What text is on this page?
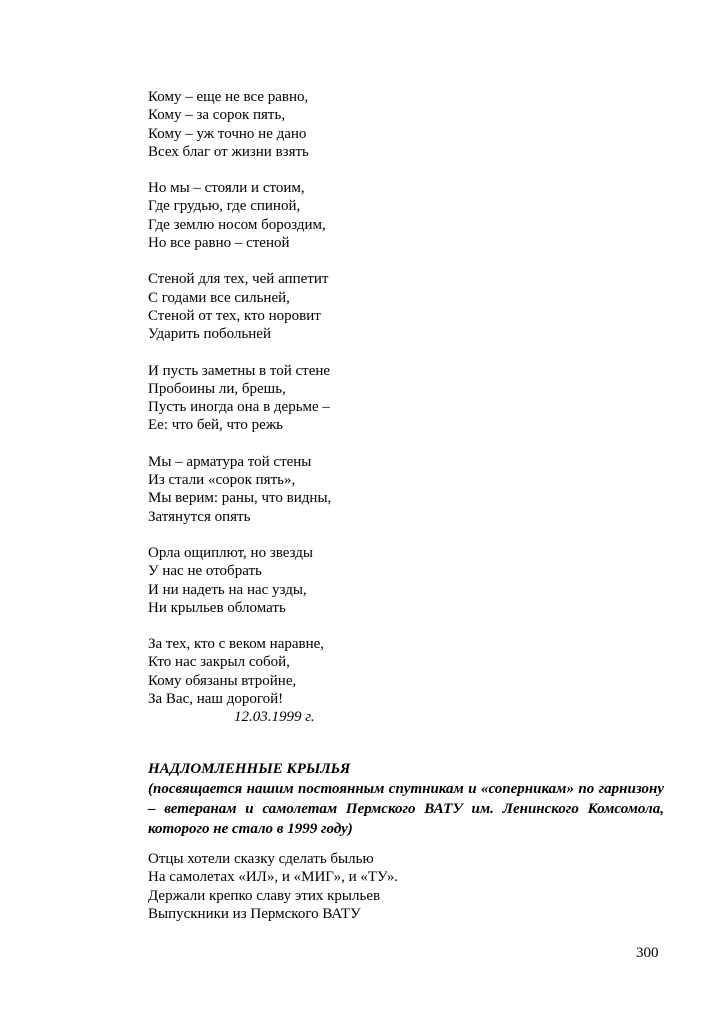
Кому – еще не все равно,
Кому – за сорок пять,
Кому – уж точно не дано
Всех благ от жизни взять
Но мы – стояли и стоим,
Где грудью, где спиной,
Где землю носом бороздим,
Но все равно – стеной
Стеной для тех, чей аппетит
С годами все сильней,
Стеной от тех, кто норовит
Ударить побольней
И пусть заметны в той стене
Пробоины ли, брешь,
Пусть иногда она в дерьме –
Ее: что бей, что режь
Мы – арматура той стены
Из стали «сорок пять»,
Мы верим: раны, что видны,
Затянутся опять
Орла ощиплют, но звезды
У нас не отобрать
И ни надеть на нас узды,
Ни крыльев обломать
За тех, кто с веком наравне,
Кто нас закрыл собой,
Кому обязаны втройне,
За Вас, наш дорогой!
12.03.1999 г.
НАДЛОМЛЕННЫЕ КРЫЛЬЯ
(посвящается нашим постоянным спутникам и «соперникам» по гарнизону – ветеранам и самолетам Пермского ВАТУ им. Ленинского Комсомола, которого не стало в 1999 году)
Отцы хотели сказку сделать былью
На самолетах «ИЛ», и «МИГ», и «ТУ».
Держали крепко славу этих крыльев
Выпускники из Пермского ВАТУ
300
